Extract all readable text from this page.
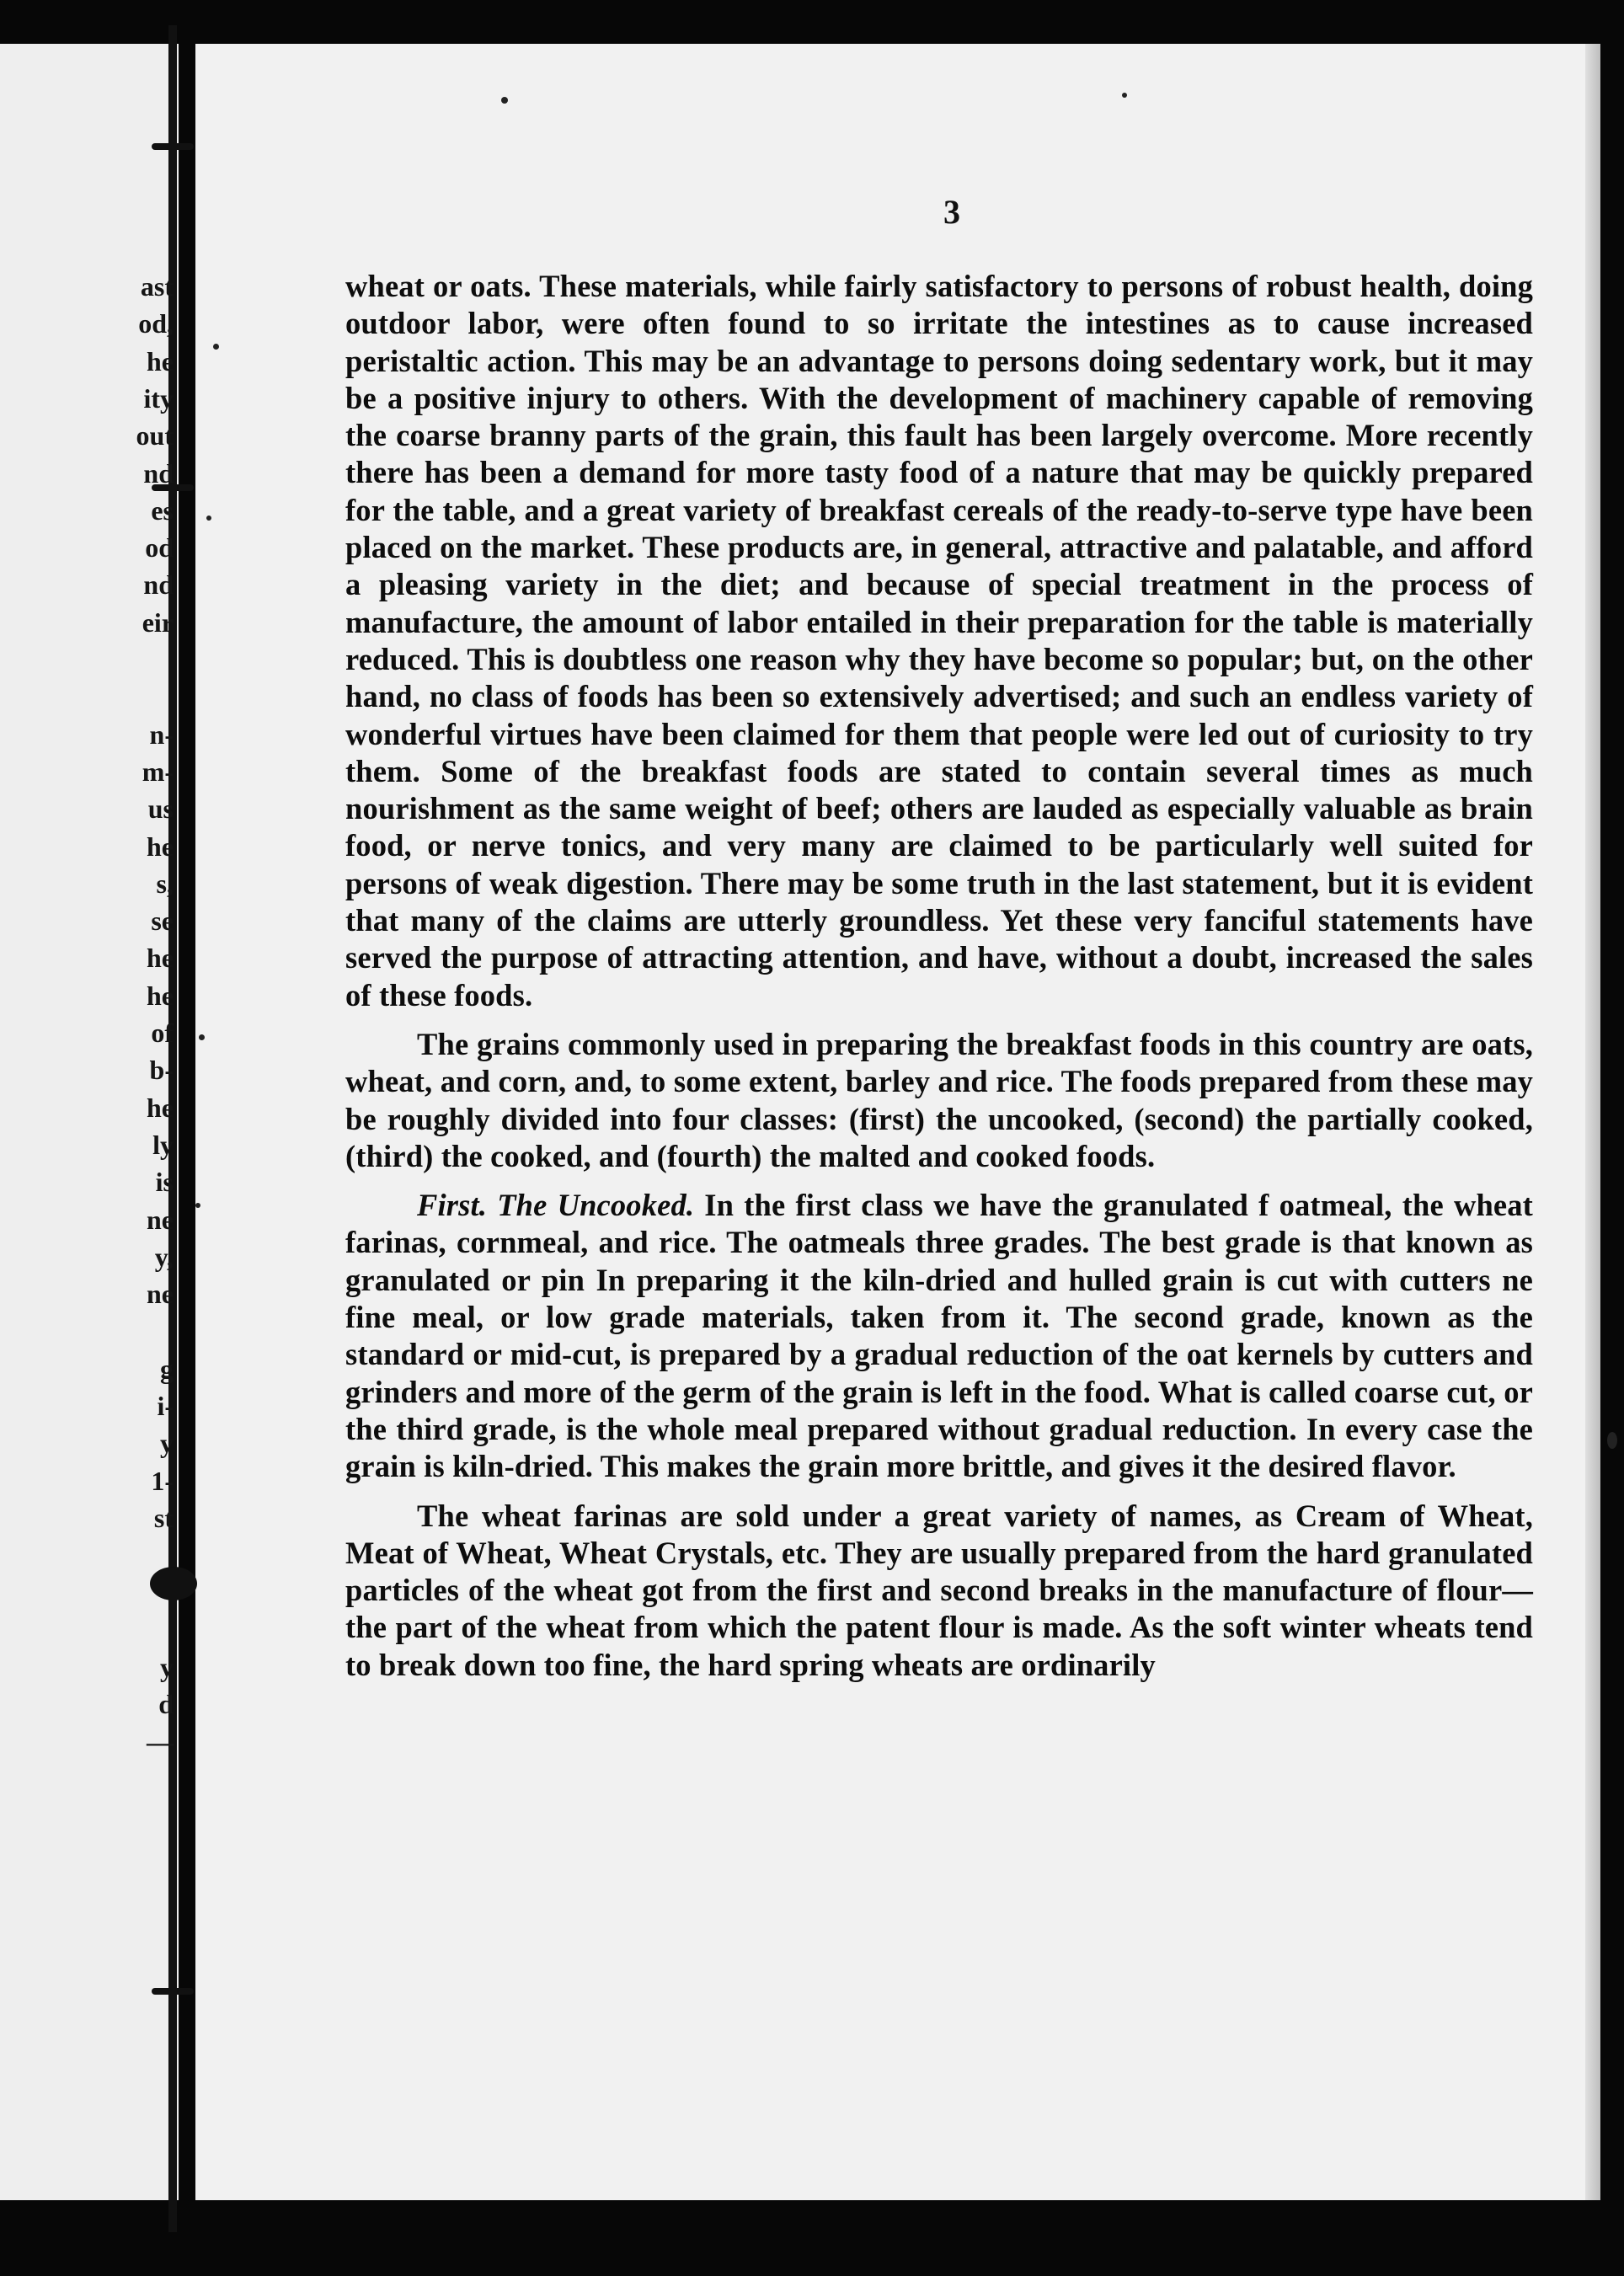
3

wheat or oats. These materials, while fairly satisfactory to persons of robust health, doing outdoor labor, were often found to so irritate the intestines as to cause increased peristaltic action. This may be an advantage to persons doing sedentary work, but it may be a positive injury to others. With the development of machinery capable of removing the coarse branny parts of the grain, this fault has been largely overcome. More recently there has been a demand for more tasty food of a nature that may be quickly prepared for the table, and a great variety of breakfast cereals of the ready-to-serve type have been placed on the market. These products are, in general, attractive and palatable, and afford a pleasing variety in the diet; and because of special treatment in the process of manufacture, the amount of labor entailed in their preparation for the table is materially reduced. This is doubtless one reason why they have become so popular; but, on the other hand, no class of foods has been so extensively advertised; and such an endless variety of wonderful virtues have been claimed for them that people were led out of curiosity to try them. Some of the breakfast foods are stated to contain several times as much nourishment as the same weight of beef; others are lauded as especially valuable as brain food, or nerve tonics, and very many are claimed to be particularly well suited for persons of weak digestion. There may be some truth in the last statement, but it is evident that many of the claims are utterly groundless. Yet these very fanciful statements have served the purpose of attracting attention, and have, without a doubt, increased the sales of these foods.

The grains commonly used in preparing the breakfast foods in this country are oats, wheat, and corn, and, to some extent, barley and rice. The foods prepared from these may be roughly divided into four classes: (first) the uncooked, (second) the partially cooked, (third) the cooked, and (fourth) the malted and cooked foods.

First. The Uncooked. In the first class we have the granulated f oatmeal, the wheat farinas, cornmeal, and rice. The oatmeals three grades. The best grade is that known as granulated or pin In preparing it the kiln-dried and hulled grain is cut with cutters ne fine meal, or low grade materials, taken from it. The second grade, known as the standard or mid-cut, is prepared by a gradual reduction of the oat kernels by cutters and grinders and more of the germ of the grain is left in the food. What is called coarse cut, or the third grade, is the whole meal prepared without gradual reduction. In every case the grain is kiln-dried. This makes the grain more brittle, and gives it the desired flavor.

The wheat farinas are sold under a great variety of names, as Cream of Wheat, Meat of Wheat, Wheat Crystals, etc. They are usually prepared from the hard granulated particles of the wheat got from the first and second breaks in the manufacture of flour—the part of the wheat from which the patent flour is made. As the soft winter wheats tend to break down too fine, the hard spring wheats are ordinarily

ast
od,
he
ity
out
nd
es
od
nd
eir
n-
m-
us
he
s,
se
he
he
of
b-
he
ly
is
ne
y,
ne
g
i-
y
1-
st
y
d
—
